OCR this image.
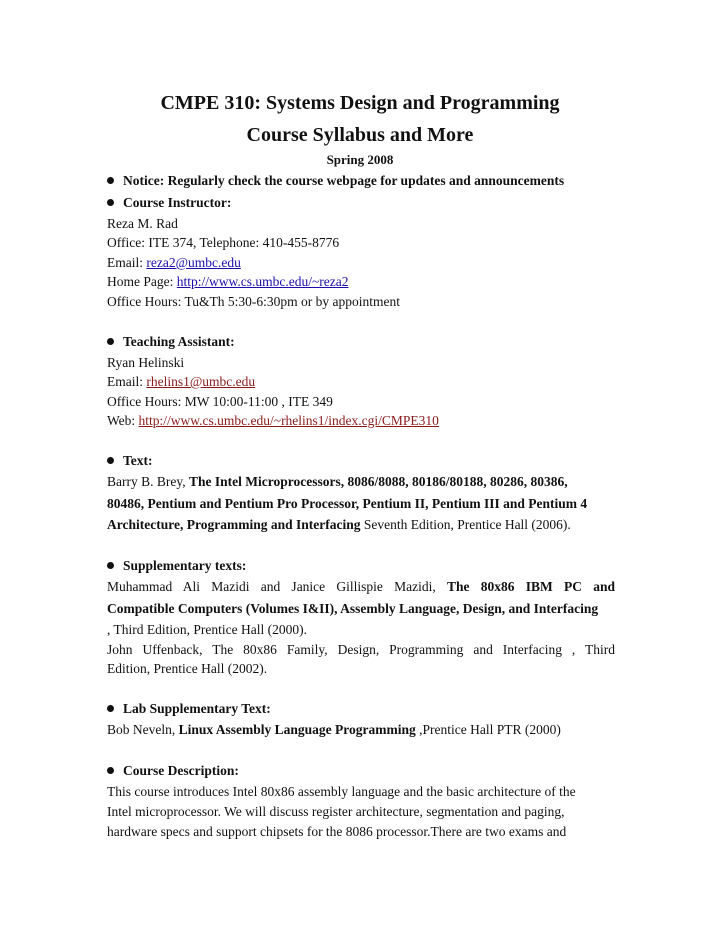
CMPE 310: Systems Design and Programming
Course Syllabus and More
Spring 2008
Notice: Regularly check the course webpage for updates and announcements
Course Instructor:
Reza M. Rad
Office: ITE 374, Telephone: 410-455-8776
Email: reza2@umbc.edu
Home Page: http://www.cs.umbc.edu/~reza2
Office Hours: Tu&Th 5:30-6:30pm or by appointment
Teaching Assistant:
Ryan Helinski
Email: rhelins1@umbc.edu
Office Hours: MW 10:00-11:00 , ITE 349
Web: http://www.cs.umbc.edu/~rhelins1/index.cgi/CMPE310
Text:
Barry B. Brey, The Intel Microprocessors, 8086/8088, 80186/80188, 80286, 80386,
80486, Pentium and Pentium Pro Processor, Pentium II, Pentium III and Pentium 4
Architecture, Programming and Interfacing Seventh Edition, Prentice Hall (2006).
Supplementary texts:
Muhammad Ali Mazidi and Janice Gillispie Mazidi, The 80x86 IBM PC and
Compatible Computers (Volumes I&II), Assembly Language, Design, and Interfacing
, Third Edition, Prentice Hall (2000).
John Uffenback, The 80x86 Family, Design, Programming and Interfacing , Third
Edition, Prentice Hall (2002).
Lab Supplementary Text:
Bob Neveln, Linux Assembly Language Programming ,Prentice Hall PTR (2000)
Course Description:
This course introduces Intel 80x86 assembly language and the basic architecture of the
Intel microprocessor. We will discuss register architecture, segmentation and paging,
hardware specs and support chipsets for the 8086 processor.There are two exams and
